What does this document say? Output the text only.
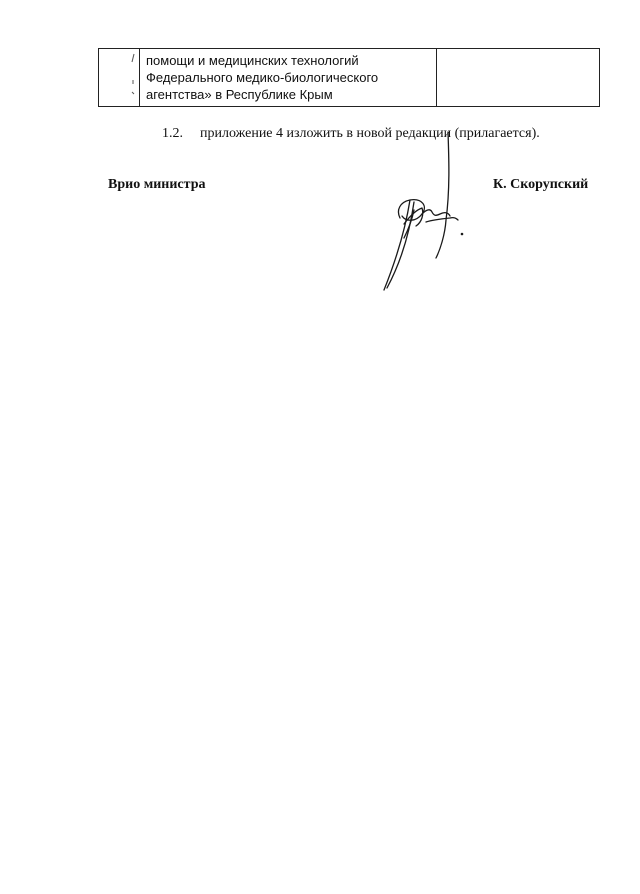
помощи и медицинских технологий
Федерального медико-биологического
агентства» в Республике Крым

1.2. приложение 4 изложить в новой редакции (прилагается).
Врио министра	К. Скорупский
